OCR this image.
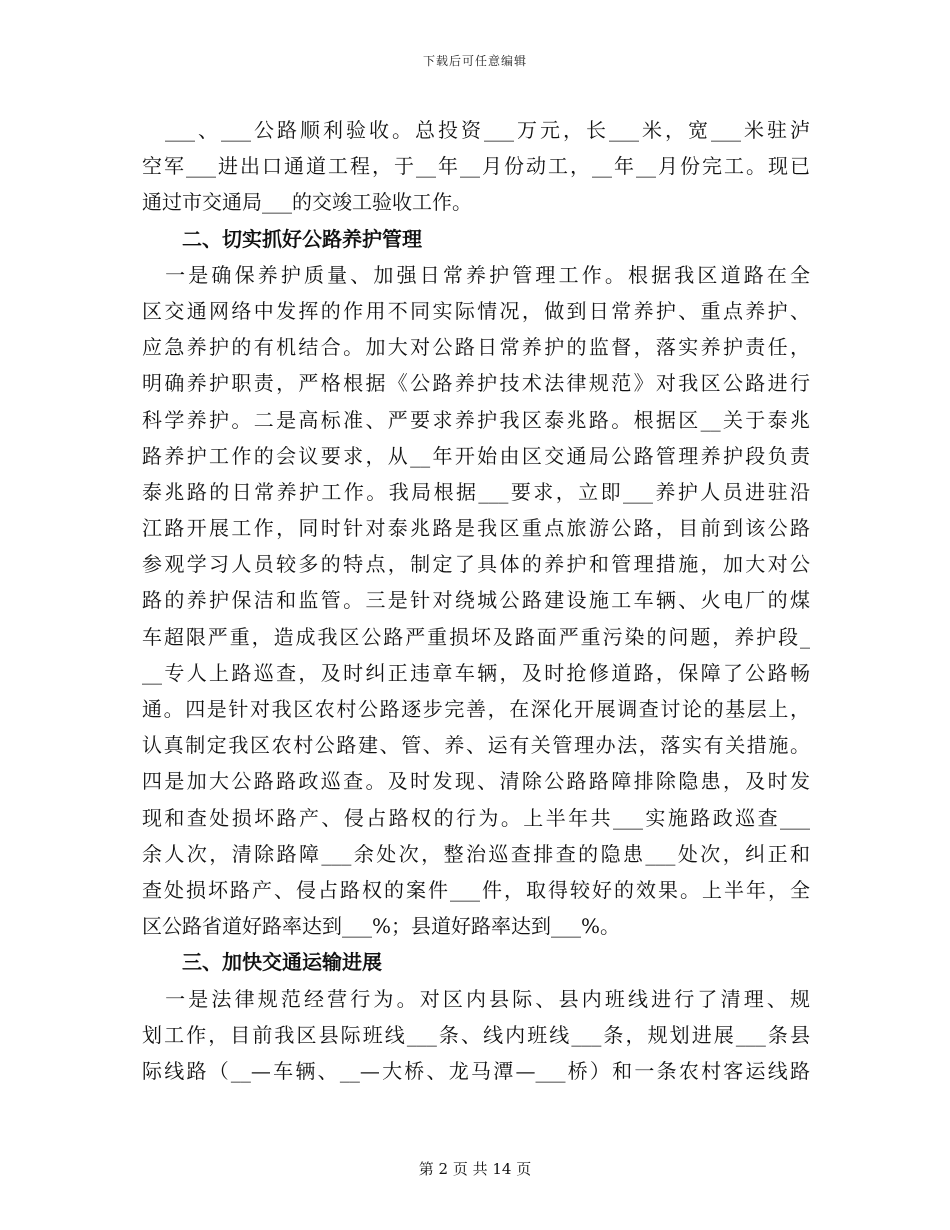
下载后可任意编辑
　___、___公路顺利验收。总投资___万元，长___米，宽___米驻泸
空军___进出口通道工程，于__年__月份动工，__年__月份完工。现已
通过市交通局___的交竣工验收工作。
二、切实抓好公路养护管理
　一是确保养护质量、加强日常养护管理工作。根据我区道路在全
区交通网络中发挥的作用不同实际情况，做到日常养护、重点养护、
应急养护的有机结合。加大对公路日常养护的监督，落实养护责任，
明确养护职责，严格根据《公路养护技术法律规范》对我区公路进行
科学养护。二是高标准、严要求养护我区泰兆路。根据区__关于泰兆
路养护工作的会议要求，从__年开始由区交通局公路管理养护段负责
泰兆路的日常养护工作。我局根据___要求，立即___养护人员进驻沿
江路开展工作，同时针对泰兆路是我区重点旅游公路，目前到该公路
参观学习人员较多的特点，制定了具体的养护和管理措施，加大对公
路的养护保洁和监管。三是针对绕城公路建设施工车辆、火电厂的煤
车超限严重，造成我区公路严重损坏及路面严重污染的问题，养护段_
__专人上路巡查，及时纠正违章车辆，及时抢修道路，保障了公路畅
通。四是针对我区农村公路逐步完善，在深化开展调查讨论的基层上，
认真制定我区农村公路建、管、养、运有关管理办法，落实有关措施。
四是加大公路路政巡查。及时发现、清除公路路障排除隐患，及时发
现和查处损坏路产、侵占路权的行为。上半年共___实施路政巡查___
余人次，清除路障___余处次，整治巡查排查的隐患___处次，纠正和
查处损坏路产、侵占路权的案件___件，取得较好的效果。上半年，全
区公路省道好路率达到___%；县道好路率达到___%。
三、加快交通运输进展
　一是法律规范经营行为。对区内县际、县内班线进行了清理、规
划工作，目前我区县际班线___条、线内班线___条，规划进展___条县
际线路（__—车辆、__—大桥、龙马潭—___桥）和一条农村客运线路
第 2 页 共 14 页
